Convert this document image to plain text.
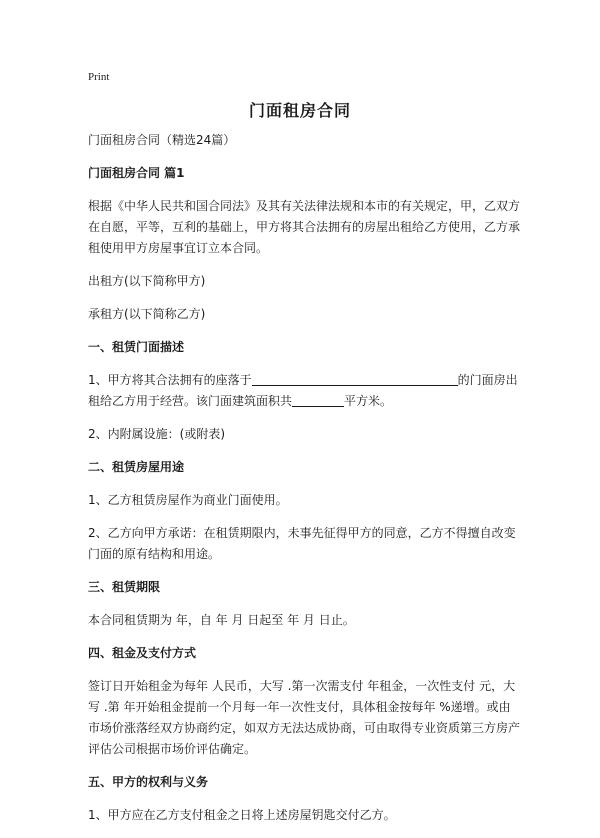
Print
门面租房合同

门面租房合同（精选24篇）

门面租房合同 篇1

根据《中华人民共和国合同法》及其有关法律法规和本市的有关规定，甲，乙双方在自愿，平等，互利的基础上，甲方将其合法拥有的房屋出租给乙方使用，乙方承租使用甲方房屋事宜订立本合同。

出租方(以下简称甲方)

承租方(以下简称乙方)

一、租赁门面描述

1、甲方将其合法拥有的座落于	的门面房出租给乙方用于经营。该门面建筑面积共	平方米。

2、内附属设施：(或附表)

二、租赁房屋用途

1、乙方租赁房屋作为商业门面使用。

2、乙方向甲方承诺：在租赁期限内，未事先征得甲方的同意，乙方不得擅自改变门面的原有结构和用途。

三、租赁期限

本合同租赁期为 年，自 年 月 日起至 年 月 日止。

四、租金及支付方式

签订日开始租金为每年 人民币，大写 .第一次需支付 年租金，一次性支付 元，大写 .第 年开始租金提前一个月每一年一次性支付，具体租金按每年 %递增。或由市场价涨落经双方协商约定，如双方无法达成协商，可由取得专业资质第三方房产评估公司根据市场价评估确定。

五、甲方的权利与义务

1、甲方应在乙方支付租金之日将上述房屋钥匙交付乙方。
